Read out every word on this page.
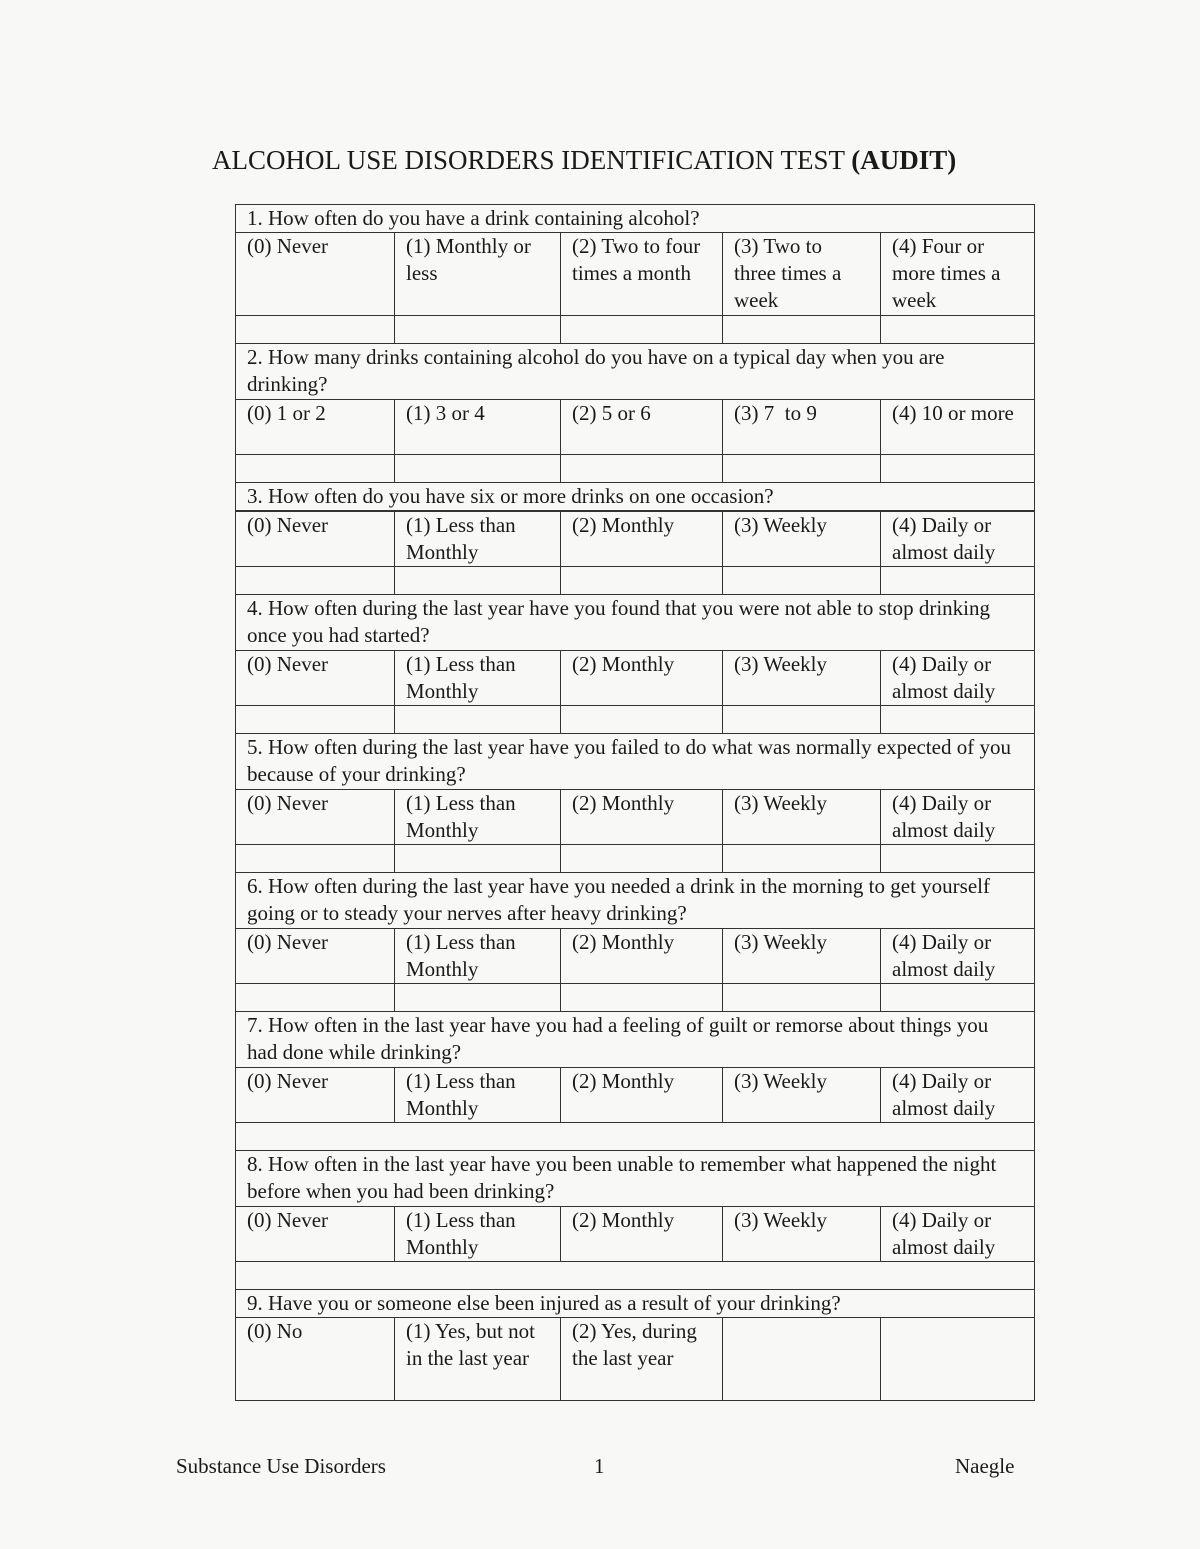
ALCOHOL USE DISORDERS IDENTIFICATION TEST (AUDIT)
1. How often do you have a drink containing alcohol?				
(0) Never	(1) Monthly or less	(2) Two to four times a month	(3) Two to three times a week	(4) Four or more times a week

2. How many drinks containing alcohol do you have on a typical day when you are drinking?				
(0) 1 or 2	(1) 3 or 4	(2) 5 or 6	(3) 7  to 9	(4) 10 or more

3. How often do you have six or more drinks on one occasion?				
(0) Never	(1) Less than Monthly	(2) Monthly	(3) Weekly	(4) Daily or almost daily

4. How often during the last year have you found that you were not able to stop drinking once you had started?				
(0) Never	(1) Less than Monthly	(2) Monthly	(3) Weekly	(4) Daily or almost daily

5. How often during the last year have you failed to do what was normally expected of you because of your drinking?				
(0) Never	(1) Less than Monthly	(2) Monthly	(3) Weekly	(4) Daily or almost daily

6. How often during the last year have you needed a drink in the morning to get yourself going or to steady your nerves after heavy drinking?				
(0) Never	(1) Less than Monthly	(2) Monthly	(3) Weekly	(4) Daily or almost daily

7. How often in the last year have you had a feeling of guilt or remorse about things you had done while drinking?				
(0) Never	(1) Less than Monthly	(2) Monthly	(3) Weekly	(4) Daily or almost daily

8. How often in the last year have you been unable to remember what happened the night before when you had been drinking?				
(0) Never	(1) Less than Monthly	(2) Monthly	(3) Weekly	(4) Daily or almost daily

9. Have you or someone else been injured as a result of your drinking?				
(0) No	(1) Yes, but not in the last year	(2) Yes, during the last year		
Substance Use Disorders	1	Naegle
